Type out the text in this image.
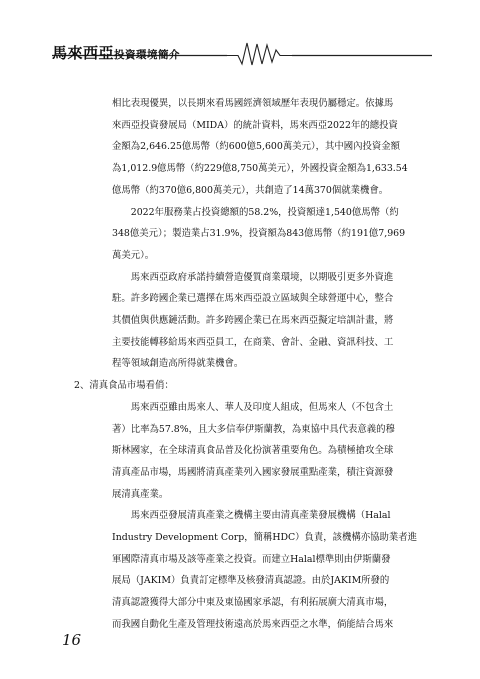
馬來西亞投資環境簡介
相比表現優異，以長期來看馬國經濟領域歷年表現仍屬穩定。依據馬
來西亞投資發展局（MIDA）的統計資料，馬來西亞2022年的總投資
金額為2,646.25億馬幣（約600億5,600萬美元），其中國內投資金額
為1,012.9億馬幣（約229億8,750萬美元），外國投資金額為1,633.54
億馬幣（約370億6,800萬美元），共創造了14萬370個就業機會。
　　2022年服務業占投資總額的58.2%，投資額達1,540億馬幣（約
348億美元）；製造業占31.9%，投資額為843億馬幣（約191億7,969
萬美元）。
　　馬來西亞政府承諾持續營造優質商業環境，以期吸引更多外資進
駐。許多跨國企業已選擇在馬來西亞設立區域與全球營運中心，整合
其價值與供應鏈活動。許多跨國企業已在馬來西亞擬定培訓計畫，將
主要技能轉移給馬來西亞員工，在商業、會計、金融、資訊科技、工
程等領域創造高所得就業機會。
2、清真食品市場看俏：
　　馬來西亞雖由馬來人、華人及印度人組成，但馬來人（不包含土
著）比率為57.8%，且大多信奉伊斯蘭教，為東協中具代表意義的穆
斯林國家，在全球清真食品普及化扮演著重要角色。為積極搶攻全球
清真產品市場，馬國將清真產業列入國家發展重點產業，積注資源發
展清真產業。
　　馬來西亞發展清真產業之機構主要由清真產業發展機構（Halal
Industry Development Corp，簡稱HDC）負責，該機構亦協助業者進
軍國際清真市場及該等產業之投資。而建立Halal標準則由伊斯蘭發
展局（JAKIM）負責訂定標準及核發清真認證。由於JAKIM所發的
清真認證獲得大部分中東及東協國家承認，有利拓展廣大清真市場，
而我國自動化生產及管理技術遠高於馬來西亞之水準，倘能結合馬來
16
